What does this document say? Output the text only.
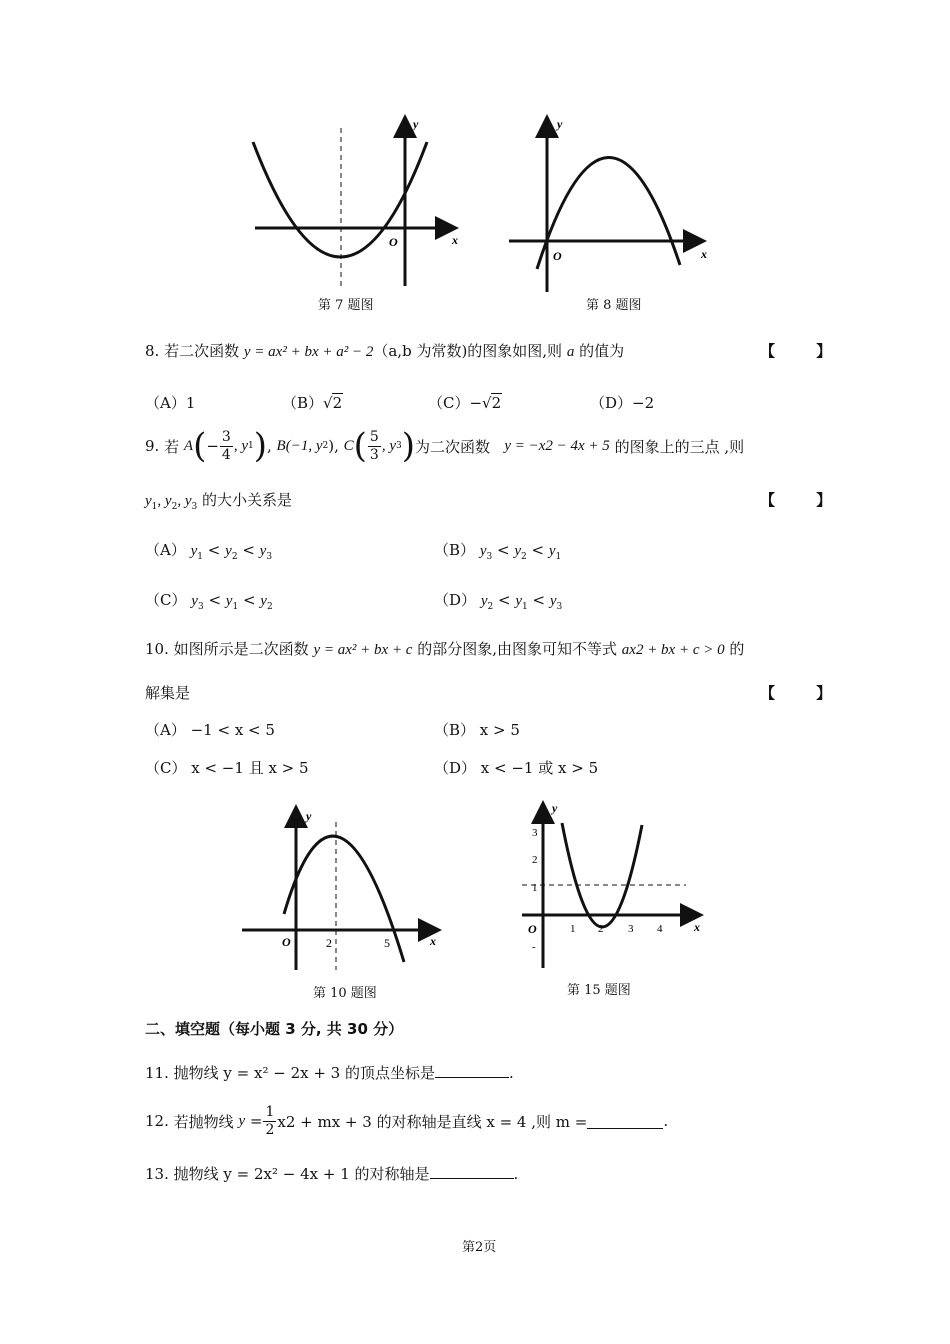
y
x
O
第 7 题图
y
x
O
第 8 题图
8. 若二次函数 y = ax² + bx + a² − 2（a,b 为常数)的图象如图,则 a 的值为	【 】
（A）1	（B）√2	（C）−√2	（D）−2
9.
若
A ( − $\frac{3}{4}$ , y 1 ) , B(−1, y 2 ), C ( $\frac{5}{3}$ , y 3 ) 为二次函数
y = −x2 − 4x + 5
的图象上的三点 ,则
$y_1$, $y_2$, $y_3$ 的大小关系是	【 】
（A） $y_1 < y_2 < y_3$	（B） $y_3 < y_2 < y_1$
（C） $y_3 < y_1 < y_2$	（D） $y_2 < y_1 < y_3$
10. 如图所示是二次函数 y = ax² + bx + c 的部分图象,由图象可知不等式 ax2 + bx + c > 0 的
解集是	【 】
（A） −1 < x < 5	（B） x > 5
（C） x < −1 且 x > 5	（D） x < −1 或 x > 5
y
x
O	2	5
第 10 题图
y
x
O	1 2 3 4
3
2
1
-
第 15 题图
二、填空题（每小题 3 分, 共 30 分）
11. 抛物线 y = x² − 2x + 3 的顶点坐标是	.
12.
若抛物线
$y = \frac{1}{2} x2$ + mx + 3 的对称轴是直线 x = 4 ,则 m =	.
13. 抛物线 y = 2x² − 4x + 1 的对称轴是	.
第2页
